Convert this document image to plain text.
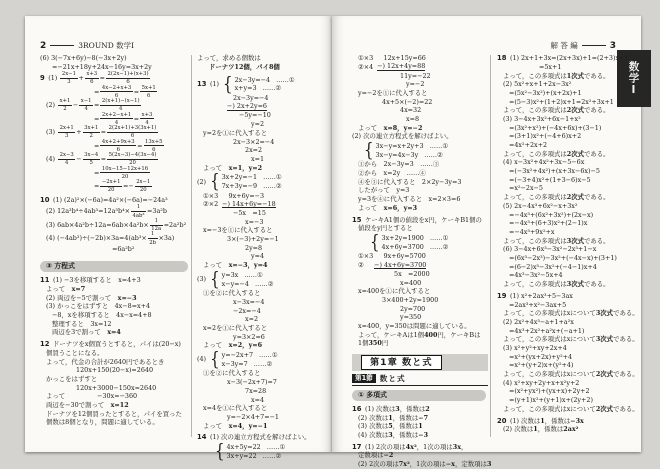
2	3ROUND 数学Ⅰ	解 答 編	3
数学Ⅰ
(6) 3(−7x+6y)−8(−3x+2y)
=−21x+18y+24x−16y=3x+2y
9 $(1) \frac{2x-1}{3} + \frac{x+3}{6} = \frac{2(2x-1)+(x+3)}{6}$
= $\frac{4x-2+x+3}{6} = \frac{5x+1}{6}$
$(2) \frac{x+1}{2} - \frac{x-1}{4} = \frac{2(x+1)-(x-1)}{4}$
= $\frac{2x+2-x+1}{4} = \frac{x+3}{4}$
$(3) \frac{2x+1}{3} + \frac{3x+1}{2} = \frac{2(2x+1)+3(3x+1)}{6}$
= $\frac{4x+2+9x+3}{6} = \frac{13x+5}{6}$
$(4) \frac{2x-3}{4} - \frac{3x-4}{5} = \frac{5(2x-3)-4(3x-4)}{20}$
= $\frac{10x-15-12x+16}{20}$
= $\frac{-2x+1}{20} =- \frac{2x-1}{20}$
10 (1) (2a)²×(−6a)=4a²×(−6a)=−24a³
(2) $12a^3b^4\div 4ab^3=12a^3b^4\times \frac{1}{\text{4ab³}} =3a^2b$
(3) $6ab\times 4a^2b\div 12a=6ab\times 4a^2b\times \frac{1}{12a} =2a^2b^2$
(4) $(-4ab^3)\div(-2b)\times 3a=4(ab^3\times \frac{1}{2b} \times 3a)$
=6a²b²
③ 方程式
11 (1) −3を移項すると　x=4+3
よって　x=7
(2) 両辺を−5で割って　x=−3
(3) かっこをはずすと　4x−8=x+4
−8，xを移項すると　4x−x=4+8
整理すると　3x=12
両辺を3で割って　x=4
12 ドーナツをx個買うとすると，パイは(20−x)
個買うことになる。
よって，代金の合計が2640円であるとき
120x+150(20−x)=2640
かっこをはずすと
120x+3000−150x=2640
よって　　　　　−30x=−360
両辺を−30で割って　x=12
ドーナツを12個買ったとすると，パイを買った
個数は8個となり，問題に適している。
よって，求める個数は
ドーナツ12個，パイ8個
13 (1) { 2x−3y=−4 ……①
x+y=3 ……②
2x−3y=−4
−) 2x+2y=6
−5y=−10
y=2
y=2を①に代入すると
2x−3×2=−4
2x=2
x=1
よって　x=1，y=2
(2) { 3x+2y=−1 ……①
7x+3y=−9 ……②
①×3　 9x+6y=−3
②×2 −) 14x+6y=−18
−5x　=15
x=−3
x=−3を①に代入すると
3×(−3)+2y=−1
2y=8
y=4
よって　x=−3，y=4
(3) { y=3x ……①
x−y=−4 ……②
①を②に代入すると
x−3x=−4
−2x=−4
x=2
x=2を①に代入すると
y=3×2=6
よって　x=2，y=6
(4) { y=−2x+7 ……①
x−3y=7 ……②
①を②に代入すると
x−3(−2x+7)=7
7x=28
x=4
x=4を①に代入すると
y=−2×4+7=−1
よって　x=4，y=−1
14 (1) 次の連立方程式を解けばよい。
{ 4x+5y=22 ……①
3x+y=22 ……②
①×3　 12x+15y=66
②×4 −) 12x+4y=88
11y=−22
y=−2
y=−2を①に代入すると
4x+5×(−2)=22
4x=32
x=8
よって　x=8，y=−2
(2) 次の連立方程式を解けばよい。
{ 3x−y=x+2y+3 ……①
3x−y=4x−3y ……②
①から　2x−3y=3　……③
②から　x=2y　……④
④を③に代入すると　2×2y−3y=3
したがって　y=3
y=3を④に代入すると　x=2×3=6
よって　x=6，y=3
15 ケーキA1個の値段をx円，ケーキB1個の
値段をy円とすると
{ 3x+2y=1900 ……①
4x+6y=3700 ……②
①×3　 9x+6y=5700
②　 −) 4x+6y=3700
5x　=2000
x=400
x=400を①に代入すると
3×400+2y=1900
2y=700
y=350
x=400，y=350は問題に適している。
よって，ケーキAは1個400円，ケーキBは
1個350円
第1章 数と式
第1節 数と式
① 多項式
16 (1) 次数は3，係数は2
(2) 次数は1，係数は−7
(3) 次数は5，係数は1
(4) 次数は3，係数は−3
17 (1) 2次の項は4x²，1次の項は3x，
定数項は−2
(2) 2次の項は7x²，1次の項は−x，定数項は3
18 (1) 2x+1+3x=(2x+3x)+1=(2+3)x+1
=5x+1
よって，この多項式は1次式である。
(2) 5x²+x+1+2x−3x²
=(5x²−3x²)+(x+2x)+1
=(5−3)x²+(1+2)x+1=2x²+3x+1
よって，この多項式は2次式である。
(3) 3−4x+3x²+6x−1+x²
=(3x²+x²)+(−4x+6x)+(3−1)
=(3+1)x²+(−4+6)x+2
=4x²+2x+2
よって，この多項式は2次式である。
(4) x−3x²+4x²+3x−5−6x
=(−3x²+4x²)+(x+3x−6x)−5
=(−3+4)x²+(1+3−6)x−5
=x²−2x−5
よって，この多項式は2次式である。
(5) 2x−4x³+6x²−x+3x²
=−4x³+(6x²+3x²)+(2x−x)
=−4x³+(6+3)x²+(2−1)x
=−4x³+9x²+x
よって，この多項式は3次式である。
(6) 3−4x+6x³−3x²−2x³+1−x
=(6x³−2x³)−3x²+(−4x−x)+(3+1)
=(6−2)x³−3x²+(−4−1)x+4
=4x³−3x²−5x+4
よって，この多項式は3次式である。
19 (1) x²+2ax³+5−3ax
=2ax³+x²−3ax+5
よって，この多項式はxについて3次式である。
(2) 2x²+4x³−a+1+a²x
=4x³+2x²+a²x+(−a+1)
よって，この多項式はxについて3次式である。
(3) x²+y²+xy+2x+4
=x²+(yx+2x)+y²+4
=x²+(y+2)x+(y²+4)
よって，この多項式はxについて2次式である。
(4) x²+xy+2y+x+x²y+2
=(x²+yx²)+(yx+x)+2y+2
=(y+1)x²+(y+1)x+(2y+2)
よって，この多項式はxについて2次式である。
20 (1) 次数は1，係数は−3x
(2) 次数は1，係数は2ax²
